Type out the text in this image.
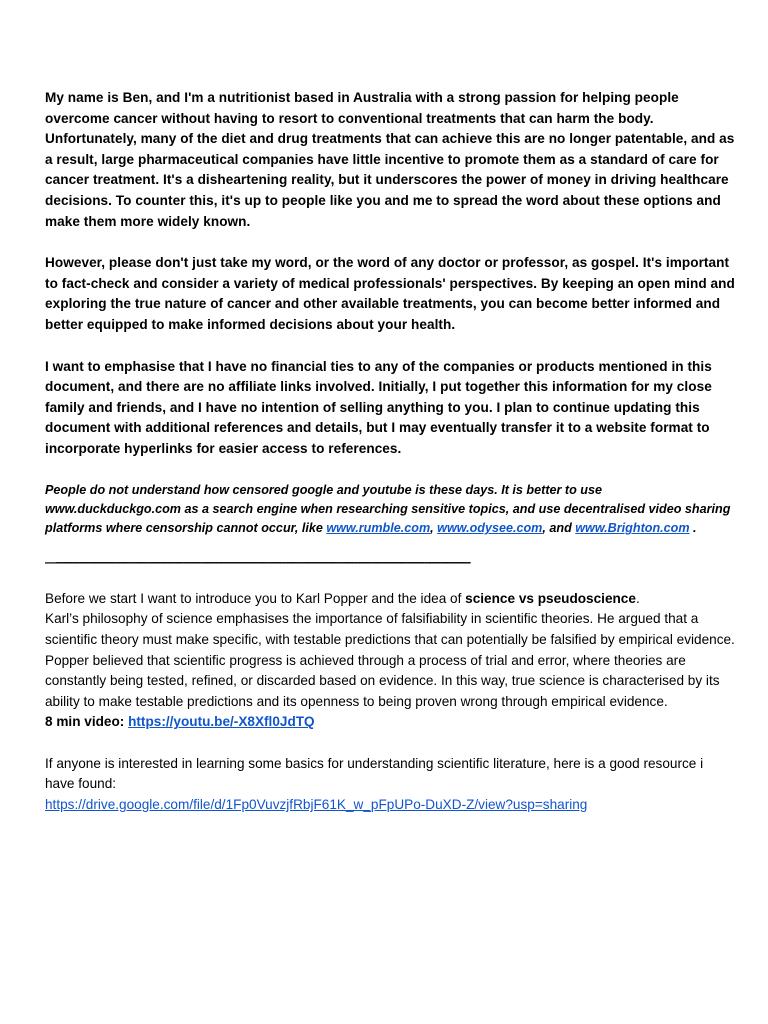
My name is Ben, and I'm a nutritionist based in Australia with a strong passion for helping people overcome cancer without having to resort to conventional treatments that can harm the body. Unfortunately, many of the diet and drug treatments that can achieve this are no longer patentable, and as a result, large pharmaceutical companies have little incentive to promote them as a standard of care for cancer treatment. It's a disheartening reality, but it underscores the power of money in driving healthcare decisions. To counter this, it's up to people like you and me to spread the word about these options and make them more widely known.

However, please don't just take my word, or the word of any doctor or professor, as gospel. It's important to fact-check and consider a variety of medical professionals' perspectives. By keeping an open mind and exploring the true nature of cancer and other available treatments, you can become better informed and better equipped to make informed decisions about your health.

I want to emphasise that I have no financial ties to any of the companies or products mentioned in this document, and there are no affiliate links involved. Initially, I put together this information for my close family and friends, and I have no intention of selling anything to you. I plan to continue updating this document with additional references and details, but I may eventually transfer it to a website format to incorporate hyperlinks for easier access to references.

People do not understand how censored google and youtube is these days. It is better to use www.duckduckgo.com as a search engine when researching sensitive topics, and use decentralised video sharing platforms where censorship cannot occur, like www.rumble.com, www.odysee.com, and www.Brighton.com .

—-----------------------------------------------------------------------------------------------------------------------------------------------

Before we start I want to introduce you to Karl Popper and the idea of science vs pseudoscience.
Karl’s philosophy of science emphasises the importance of falsifiability in scientific theories. He argued that a scientific theory must make specific, with testable predictions that can potentially be falsified by empirical evidence. Popper believed that scientific progress is achieved through a process of trial and error, where theories are constantly being tested, refined, or discarded based on evidence. In this way, true science is characterised by its ability to make testable predictions and its openness to being proven wrong through empirical evidence.

8 min video: https://youtu.be/-X8Xfl0JdTQ

If anyone is interested in learning some basics for understanding scientific literature, here is a good resource i have found:
https://drive.google.com/file/d/1Fp0VuvzjfRbjF61K_w_pFpUPo-DuXD-Z/view?usp=sharing
